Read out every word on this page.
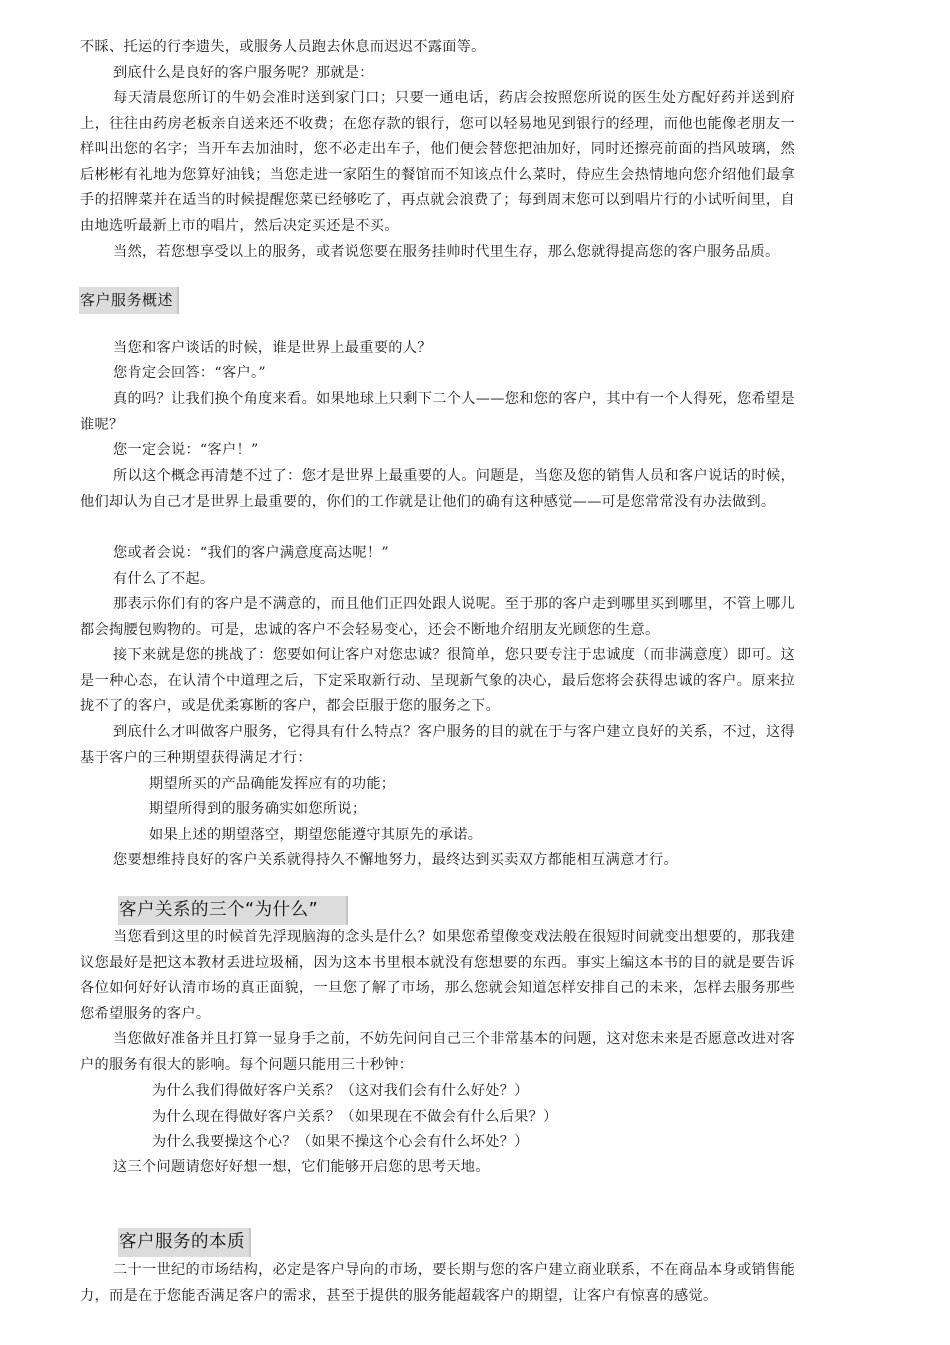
不睬、托运的行李遗失，或服务人员跑去休息而迟迟不露面等。

到底什么是良好的客户服务呢？那就是：

每天清晨您所订的牛奶会准时送到家门口；只要一通电话，药店会按照您所说的医生处方配好药并送到府上，往往由药房老板亲自送来还不收费；在您存款的银行，您可以轻易地见到银行的经理，而他也能像老朋友一样叫出您的名字；当开车去加油时，您不必走出车子，他们便会替您把油加好，同时还擦亮前面的挡风玻璃，然后彬彬有礼地为您算好油钱；当您走进一家陌生的餐馆而不知该点什么菜时，侍应生会热情地向您介绍他们最拿手的招牌菜并在适当的时候提醒您菜已经够吃了，再点就会浪费了；每到周末您可以到唱片行的小试听间里，自由地选听最新上市的唱片，然后决定买还是不买。

当然，若您想享受以上的服务，或者说您要在服务挂帅时代里生存，那么您就得提高您的客户服务品质。

客户服务概述

当您和客户谈话的时候，谁是世界上最重要的人？

您肯定会回答：“客户。”

真的吗？让我们换个角度来看。如果地球上只剩下二个人——您和您的客户，其中有一个人得死，您希望是谁呢？

您一定会说：“客户！”

所以这个概念再清楚不过了：您才是世界上最重要的人。问题是，当您及您的销售人员和客户说话的时候，他们却认为自己才是世界上最重要的，你们的工作就是让他们的确有这种感觉——可是您常常没有办法做到。

您或者会说：“我们的客户满意度高达呢！”

有什么了不起。

那表示你们有的客户是不满意的，而且他们正四处跟人说呢。至于那的客户走到哪里买到哪里，不管上哪儿都会掏腰包购物的。可是，忠诚的客户不会轻易变心，还会不断地介绍朋友光顾您的生意。

接下来就是您的挑战了：您要如何让客户对您忠诚？很简单，您只要专注于忠诚度（而非满意度）即可。这是一种心态，在认清个中道理之后，下定采取新行动、呈现新气象的决心，最后您将会获得忠诚的客户。原来拉拢不了的客户，或是优柔寡断的客户，都会臣服于您的服务之下。

到底什么才叫做客户服务，它得具有什么特点？客户服务的目的就在于与客户建立良好的关系，不过，这得基于客户的三种期望获得满足才行：

期望所买的产品确能发挥应有的功能；

期望所得到的服务确实如您所说；

如果上述的期望落空，期望您能遵守其原先的承诺。

您要想维持良好的客户关系就得持久不懈地努力，最终达到买卖双方都能相互满意才行。

客户关系的三个“为什么”

当您看到这里的时候首先浮现脑海的念头是什么？如果您希望像变戏法般在很短时间就变出想要的，那我建议您最好是把这本教材丢进垃圾桶，因为这本书里根本就没有您想要的东西。事实上编这本书的目的就是要告诉各位如何好好认清市场的真正面貌，一旦您了解了市场，那么您就会知道怎样安排自己的未来，怎样去服务那些您希望服务的客户。

当您做好准备并且打算一显身手之前，不妨先问问自己三个非常基本的问题，这对您未来是否愿意改进对客户的服务有很大的影响。每个问题只能用三十秒钟：

为什么我们得做好客户关系？（这对我们会有什么好处？）

为什么现在得做好客户关系？（如果现在不做会有什么后果？）

为什么我要操这个心？（如果不操这个心会有什么坏处？）

这三个问题请您好好想一想，它们能够开启您的思考天地。

客户服务的本质

二十一世纪的市场结构，必定是客户导向的市场，要长期与您的客户建立商业联系，不在商品本身或销售能力，而是在于您能否满足客户的需求，甚至于提供的服务能超载客户的期望，让客户有惊喜的感觉。
